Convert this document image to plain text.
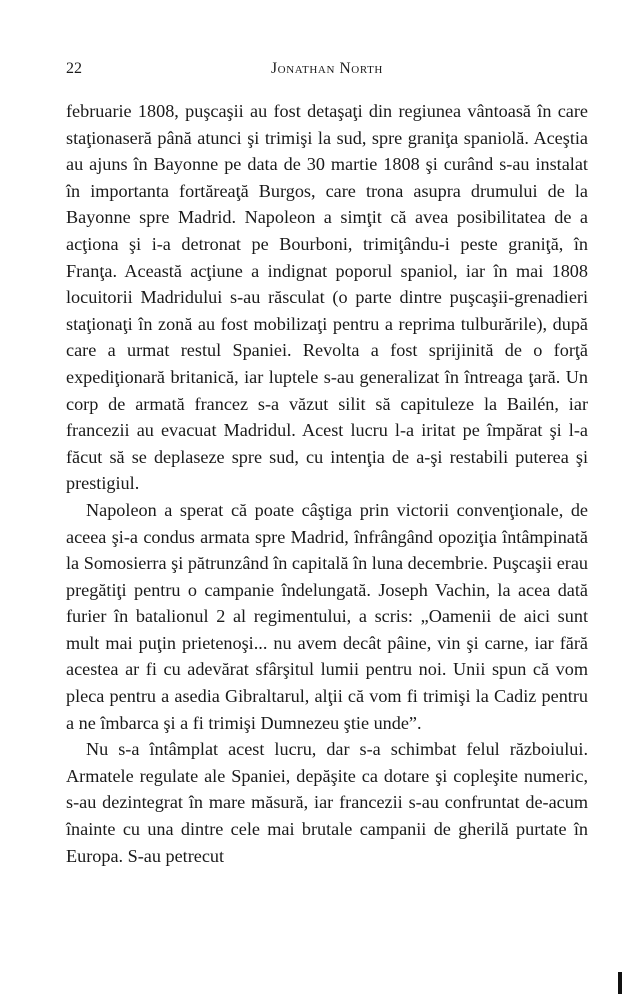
22	Jonathan North

februarie 1808, puşcaşii au fost detaşaţi din regiunea vântoasă în care staţionaseră până atunci şi trimişi la sud, spre graniţa spaniolă. Aceştia au ajuns în Bayonne pe data de 30 martie 1808 şi curând s-au instalat în importanta fortăreaţă Burgos, care trona asupra drumului de la Bayonne spre Madrid. Napoleon a simţit că avea posibilitatea de a acţiona şi i-a detronat pe Bourboni, trimiţându-i peste graniţă, în Franţa. Această acţiune a indignat poporul spaniol, iar în mai 1808 locuitorii Madridului s-au răsculat (o parte dintre puşcaşii-grenadieri staţionaţi în zonă au fost mobilizaţi pentru a reprima tulburările), după care a urmat restul Spaniei. Revolta a fost sprijinită de o forţă expediţionară britanică, iar luptele s-au generalizat în întreaga ţară. Un corp de armată francez s-a văzut silit să capituleze la Bailén, iar francezii au evacuat Madridul. Acest lucru l-a iritat pe împărat şi l-a făcut să se deplaseze spre sud, cu intenţia de a-şi restabili puterea şi prestigiul.

Napoleon a sperat că poate câştiga prin victorii convenţionale, de aceea şi-a condus armata spre Madrid, înfrângând opoziţia întâmpinată la Somosierra şi pătrunzând în capitală în luna decembrie. Puşcaşii erau pregătiţi pentru o campanie îndelungată. Joseph Vachin, la acea dată furier în batalionul 2 al regimentului, a scris: „Oamenii de aici sunt mult mai puţin prietenoşi... nu avem decât pâine, vin şi carne, iar fără acestea ar fi cu adevărat sfârşitul lumii pentru noi. Unii spun că vom pleca pentru a asedia Gibraltarul, alţii că vom fi trimişi la Cadiz pentru a ne îmbarca şi a fi trimişi Dumnezeu ştie unde”.

Nu s-a întâmplat acest lucru, dar s-a schimbat felul războiului. Armatele regulate ale Spaniei, depăşite ca dotare şi copleşite numeric, s-au dezintegrat în mare măsură, iar francezii s-au confruntat de-acum înainte cu una dintre cele mai brutale campanii de gherilă purtate în Europa. S-au petrecut
